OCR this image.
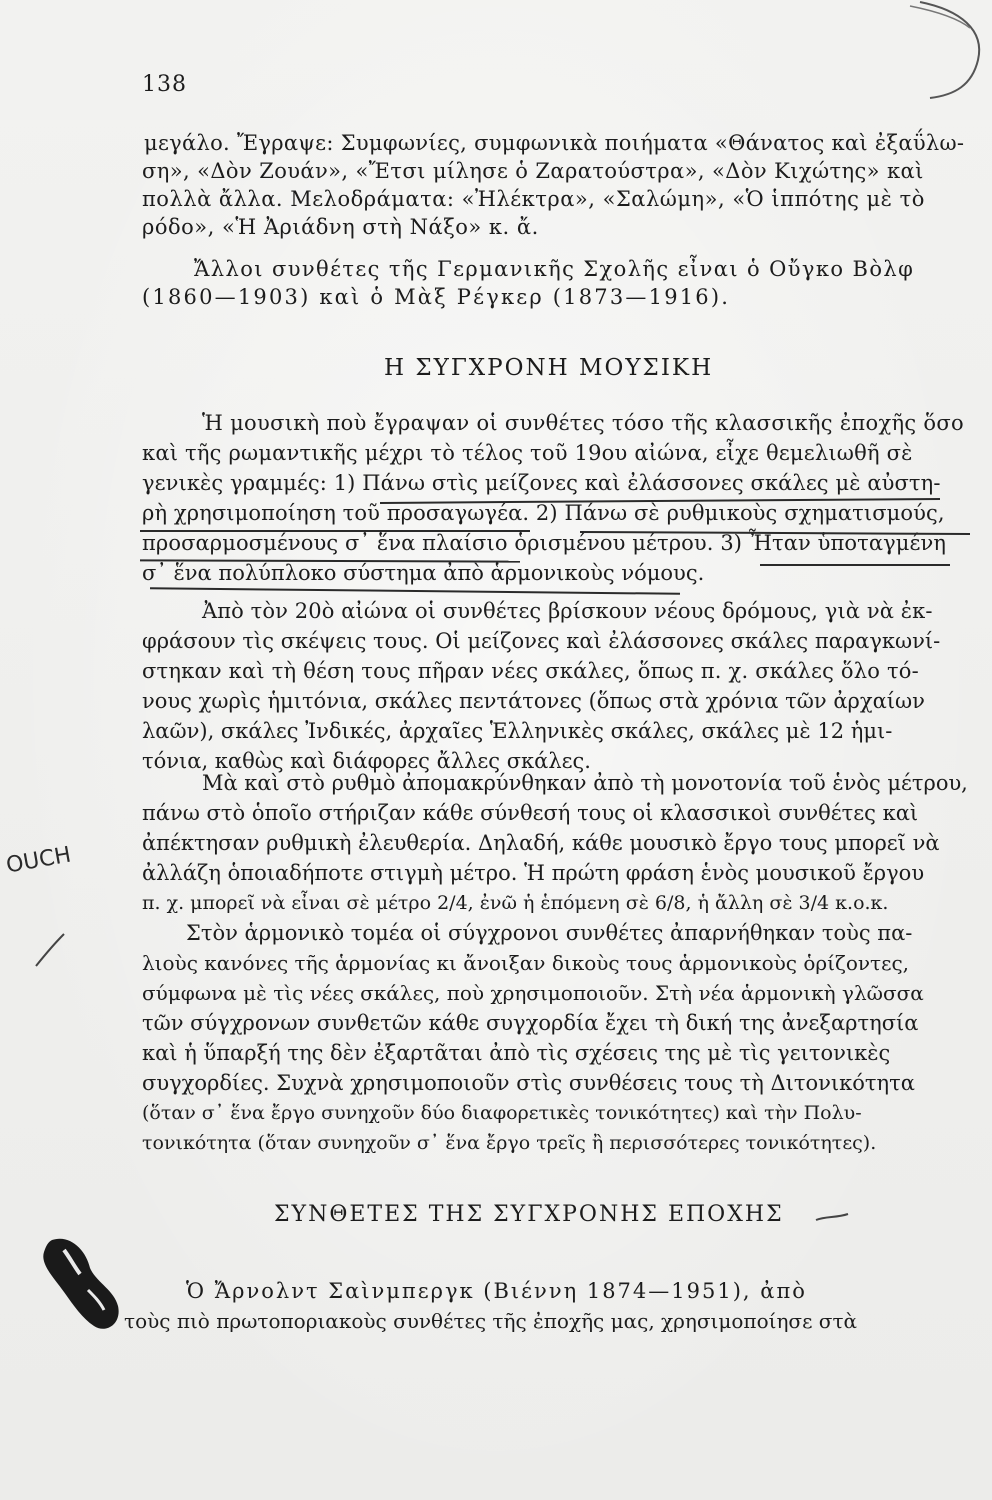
138
μεγάλο. Ἔγραψε: Συμφωνίες, συμφωνικὰ ποιήματα «Θάνατος καὶ ἐξαΰλω-
ση», «Δὸν Ζουάν», «Ἔτσι μίλησε ὁ Ζαρατούστρα», «Δὸν Κιχώτης» καὶ
πολλὰ ἄλλα. Μελοδράματα: «Ἠλέκτρα», «Σαλώμη», «Ὁ ἱππότης μὲ τὸ
ρόδο», «Ἡ Ἀριάδνη στὴ Νάξο» κ. ἄ.
Ἄλλοι συνθέτες τῆς Γερμανικῆς Σχολῆς εἶναι ὁ Οὔγκο Βὸλφ
(1860—1903) καὶ ὁ Μὰξ Ρέγκερ (1873—1916).
Η ΣΥΓΧΡΟΝΗ ΜΟΥΣΙΚΗ
Ἡ μουσικὴ ποὺ ἔγραψαν οἱ συνθέτες τόσο τῆς κλασσικῆς ἐποχῆς ὅσο
καὶ τῆς ρωμαντικῆς μέχρι τὸ τέλος τοῦ 19ου αἰώνα, εἶχε θεμελιωθῆ σὲ
γενικὲς γραμμές: 1) Πάνω στὶς μείζονες καὶ ἐλάσσονες σκάλες μὲ αὐστη-
ρὴ χρησιμοποίηση τοῦ προσαγωγέα. 2) Πάνω σὲ ρυθμικοὺς σχηματισμούς,
προσαρμοσμένους σ᾽ ἕνα πλαίσιο ὁρισμένου μέτρου. 3) Ἦταν ὑποταγμένη
σ᾽ ἕνα πολύπλοκο σύστημα ἀπὸ ἁρμονικοὺς νόμους.
Ἀπὸ τὸν 20ὸ αἰώνα οἱ συνθέτες βρίσκουν νέους δρόμους, γιὰ νὰ ἐκ-
φράσουν τὶς σκέψεις τους. Οἱ μείζονες καὶ ἐλάσσονες σκάλες παραγκωνί-
στηκαν καὶ τὴ θέση τους πῆραν νέες σκάλες, ὅπως π. χ. σκάλες ὅλο τό-
νους χωρὶς ἡμιτόνια, σκάλες πεντάτονες (ὅπως στὰ χρόνια τῶν ἀρχαίων
λαῶν), σκάλες Ἰνδικές, ἀρχαῖες Ἑλληνικὲς σκάλες, σκάλες μὲ 12 ἡμι-
τόνια, καθὼς καὶ διάφορες ἄλλες σκάλες.
Μὰ καὶ στὸ ρυθμὸ ἀπομακρύνθηκαν ἀπὸ τὴ μονοτονία τοῦ ἑνὸς μέτρου,
πάνω στὸ ὁποῖο στήριζαν κάθε σύνθεσή τους οἱ κλασσικοὶ συνθέτες καὶ
ἀπέκτησαν ρυθμικὴ ἐλευθερία. Δηλαδή, κάθε μουσικὸ ἔργο τους μπορεῖ νὰ
ἀλλάζη ὁποιαδήποτε στιγμὴ μέτρο. Ἡ πρώτη φράση ἑνὸς μουσικοῦ ἔργου
π. χ. μπορεῖ νὰ εἶναι σὲ μέτρο 2/4, ἐνῶ ἡ ἑπόμενη σὲ 6/8, ἡ ἄλλη σὲ 3/4 κ.ο.κ.
OUCH
Στὸν ἁρμονικὸ τομέα οἱ σύγχρονοι συνθέτες ἀπαρνήθηκαν τοὺς πα-
λιοὺς κανόνες τῆς ἁρμονίας κι ἄνοιξαν δικοὺς τους ἁρμονικοὺς ὁρίζοντες,
σύμφωνα μὲ τὶς νέες σκάλες, ποὺ χρησιμοποιοῦν. Στὴ νέα ἁρμονικὴ γλῶσσα
τῶν σύγχρονων συνθετῶν κάθε συγχορδία ἔχει τὴ δική της ἀνεξαρτησία
καὶ ἡ ὕπαρξή της δὲν ἐξαρτᾶται ἀπὸ τὶς σχέσεις της μὲ τὶς γειτονικὲς
συγχορδίες. Συχνὰ χρησιμοποιοῦν στὶς συνθέσεις τους τὴ Διτονικότητα
(ὅταν σ᾽ ἕνα ἔργο συνηχοῦν δύο διαφορετικὲς τονικότητες) καὶ τὴν Πολυ-
τονικότητα (ὅταν συνηχοῦν σ᾽ ἕνα ἔργο τρεῖς ἢ περισσότερες τονικότητες).
ΣΥΝΘΕΤΕΣ ΤΗΣ ΣΥΓΧΡΟΝΗΣ ΕΠΟΧΗΣ
Ὁ Ἄρνολντ Σαὶνμπεργκ (Βιέννη 1874—1951), ἀπὸ
τοὺς πιὸ πρωτοποριακοὺς συνθέτες τῆς ἐποχῆς μας, χρησιμοποίησε στὰ
